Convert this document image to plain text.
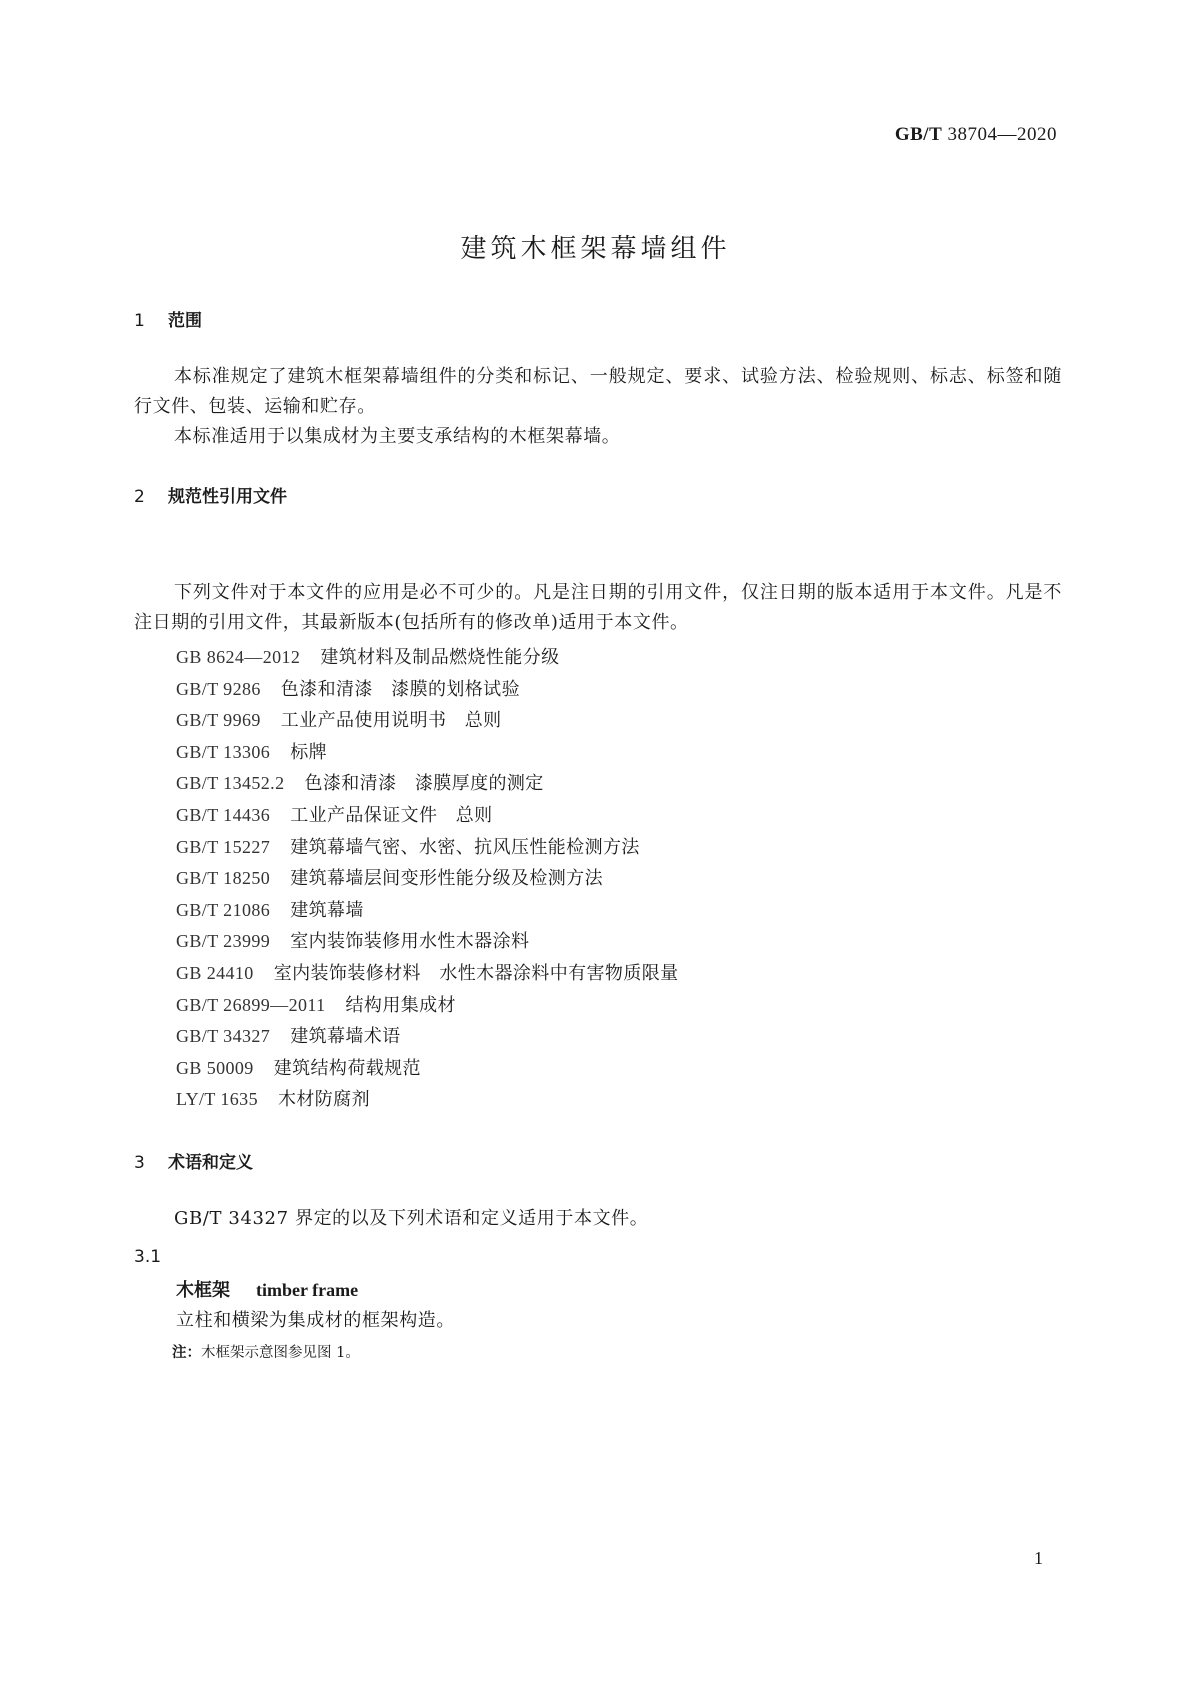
GB/T 38704—2020
建筑木框架幕墙组件
1 范围
本标准规定了建筑木框架幕墙组件的分类和标记、一般规定、要求、试验方法、检验规则、标志、标签和随行文件、包装、运输和贮存。
本标准适用于以集成材为主要支承结构的木框架幕墙。
2 规范性引用文件
下列文件对于本文件的应用是必不可少的。凡是注日期的引用文件，仅注日期的版本适用于本文件。凡是不注日期的引用文件，其最新版本(包括所有的修改单)适用于本文件。
GB 8624—2012 建筑材料及制品燃烧性能分级
GB/T 9286 色漆和清漆　漆膜的划格试验
GB/T 9969 工业产品使用说明书　总则
GB/T 13306 标牌
GB/T 13452.2 色漆和清漆　漆膜厚度的测定
GB/T 14436 工业产品保证文件　总则
GB/T 15227 建筑幕墙气密、水密、抗风压性能检测方法
GB/T 18250 建筑幕墙层间变形性能分级及检测方法
GB/T 21086 建筑幕墙
GB/T 23999 室内装饰装修用水性木器涂料
GB 24410 室内装饰装修材料　水性木器涂料中有害物质限量
GB/T 26899—2011 结构用集成材
GB/T 34327 建筑幕墙术语
GB 50009 建筑结构荷载规范
LY/T 1635 木材防腐剂
3 术语和定义
GB/T 34327 界定的以及下列术语和定义适用于本文件。
3.1
木框架 timber frame
立柱和横梁为集成材的框架构造。
注：木框架示意图参见图 1。
1
